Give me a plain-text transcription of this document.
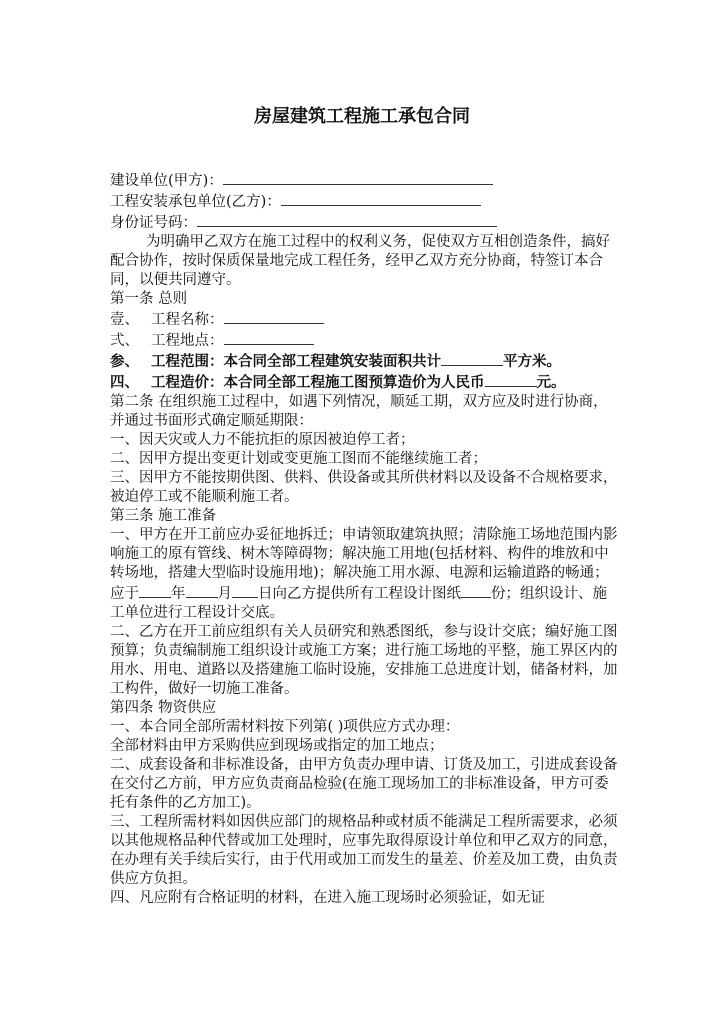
房屋建筑工程施工承包合同

建设单位(甲方)：

工程安装承包单位(乙方)：

身份证号码：

为明确甲乙双方在施工过程中的权利义务，促使双方互相创造条件，搞好配合协作，按时保质保量地完成工程任务，经甲乙双方充分协商，特签订本合同，以便共同遵守。

第一条 总则

壹、 工程名称：

弍、 工程地点：

参、 工程范围：本合同全部工程建筑安装面积共计	平方米。

四、 工程造价：本合同全部工程施工图预算造价为人民币	元。

第二条 在组织施工过程中，如遇下列情况，顺延工期，双方应及时进行协商，并通过书面形式确定顺延期限：

一、因天灾或人力不能抗拒的原因被迫停工者；

二、因甲方提出变更计划或变更施工图而不能继续施工者；

三、因甲方不能按期供图、供料、供设备或其所供材料以及设备不合规格要求，被迫停工或不能顺利施工者。

第三条 施工准备

一、甲方在开工前应办妥征地拆迁；申请领取建筑执照；清除施工场地范围内影响施工的原有管线、树木等障碍物；解决施工用地(包括材料、构件的堆放和中转场地，搭建大型临时设施用地)；解决施工用水源、电源和运输道路的畅通；应于 年 月 日向乙方提供所有工程设计图纸 份；组织设计、施工单位进行工程设计交底。

二、乙方在开工前应组织有关人员研究和熟悉图纸，参与设计交底；编好施工图预算；负责编制施工组织设计或施工方案；进行施工场地的平整，施工界区内的用水、用电、道路以及搭建施工临时设施，安排施工总进度计划，储备材料，加工构件，做好一切施工准备。

第四条 物资供应

一、本合同全部所需材料按下列第( )项供应方式办理：

全部材料由甲方采购供应到现场或指定的加工地点；

二、成套设备和非标准设备，由甲方负责办理申请、订货及加工，引进成套设备在交付乙方前，甲方应负责商品检验(在施工现场加工的非标准设备，甲方可委托有条件的乙方加工)。

三、工程所需材料如因供应部门的规格品种或材质不能满足工程所需要求，必须以其他规格品种代替或加工处理时，应事先取得原设计单位和甲乙双方的同意，在办理有关手续后实行，由于代用或加工而发生的量差、价差及加工费，由负责供应方负担。

四、凡应附有合格证明的材料，在进入施工现场时必须验证，如无证
